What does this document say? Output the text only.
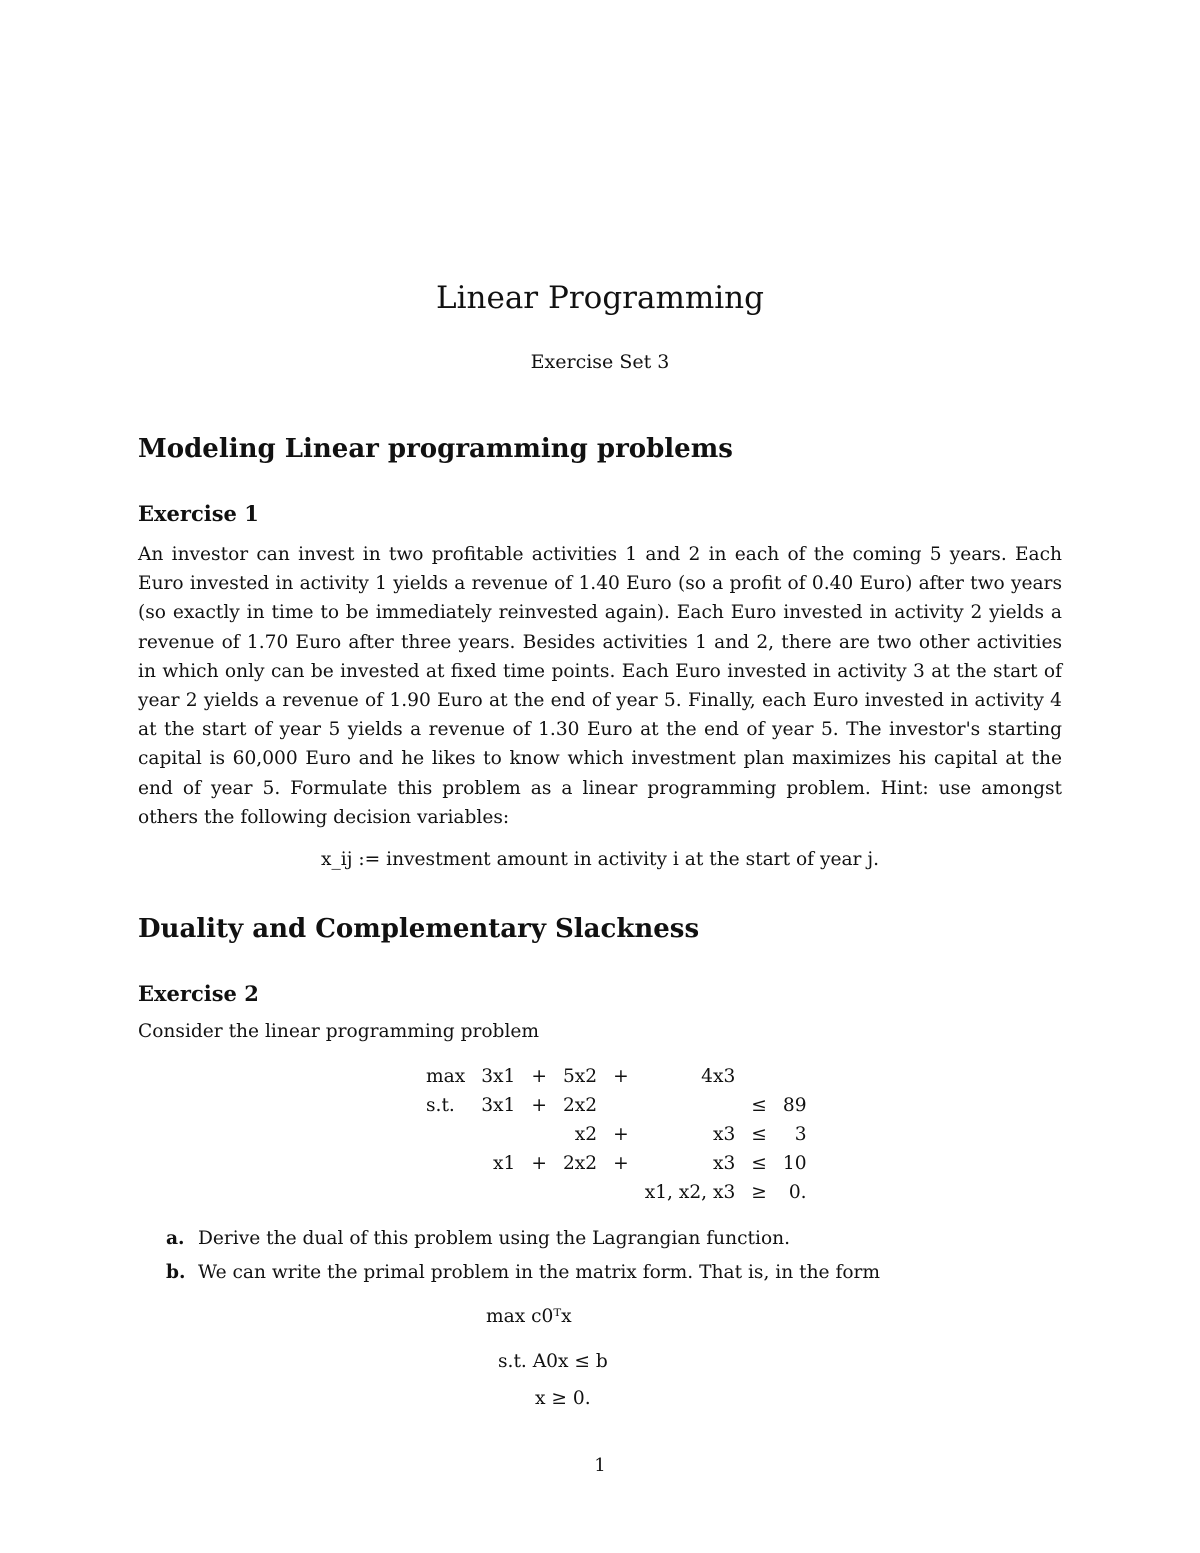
Linear Programming
Exercise Set 3
Modeling Linear programming problems
Exercise 1

An investor can invest in two profitable activities 1 and 2 in each of the coming 5 years. Each Euro invested in activity 1 yields a revenue of 1.40 Euro (so a profit of 0.40 Euro) after two years (so exactly in time to be immediately reinvested again). Each Euro invested in activity 2 yields a revenue of 1.70 Euro after three years. Besides activities 1 and 2, there are two other activities in which only can be invested at fixed time points. Each Euro invested in activity 3 at the start of year 2 yields a revenue of 1.90 Euro at the end of year 5. Finally, each Euro invested in activity 4 at the start of year 5 yields a revenue of 1.30 Euro at the end of year 5. The investor's starting capital is 60,000 Euro and he likes to know which investment plan maximizes his capital at the end of year 5. Formulate this problem as a linear programming problem. Hint: use amongst others the following decision variables:

x_ij := investment amount in activity i at the start of year j.
Duality and Complementary Slackness
Exercise 2
Consider the linear programming problem
max	3x1	+	5x2	+	4x3		
s.t.	3x1	+	2x2			≤	89
			x2	+	x3	≤	3
	x1	+	2x2	+	x3	≤	10
					x1, x2, x3	≥	0.
a. Derive the dual of this problem using the Lagrangian function.
b. We can write the primal problem in the matrix form. That is, in the form
max c0ᵀx
s.t. A0x ≤ b
x ≥ 0.
1
